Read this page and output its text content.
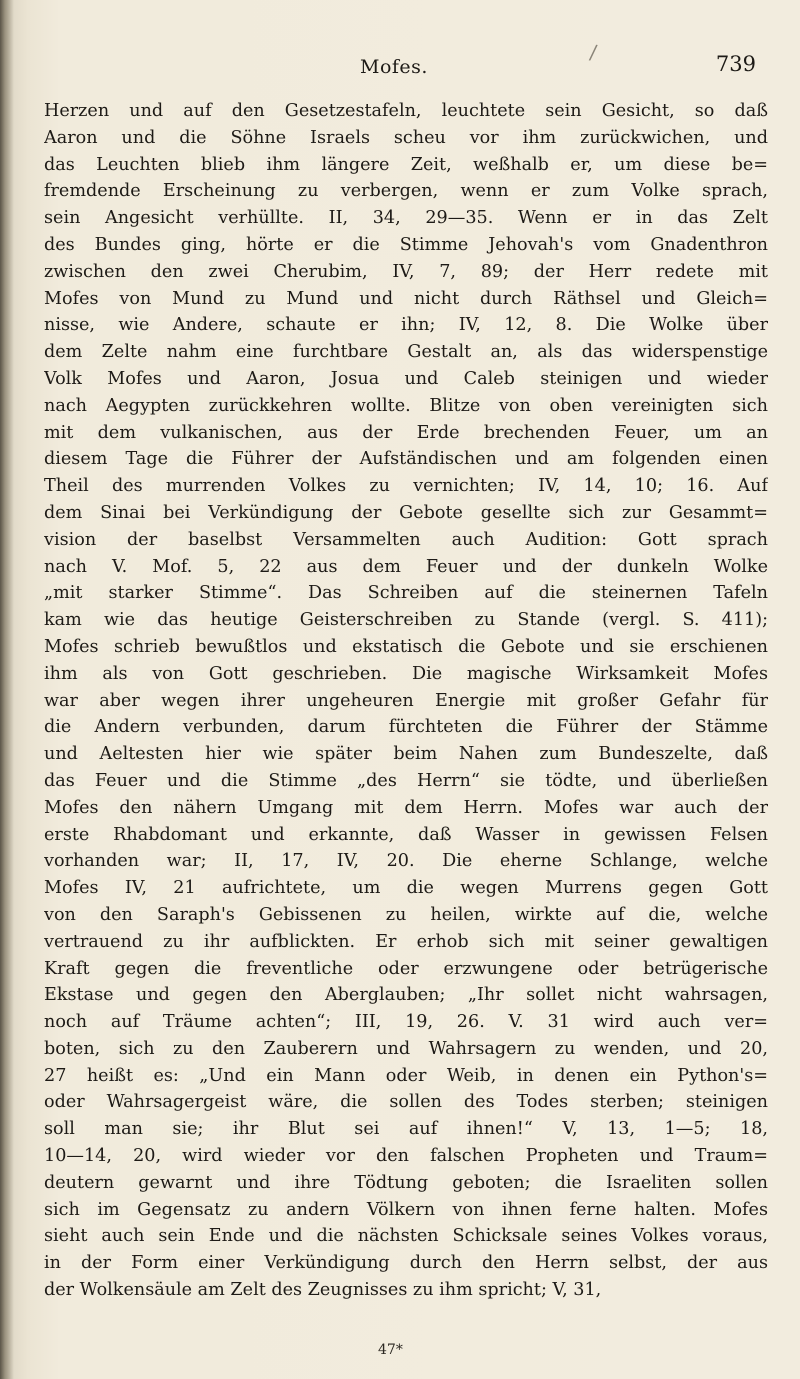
/
Mofes.	739
Herzen und auf den Gesetzestafeln, leuchtete sein Gesicht, so daß
Aaron und die Söhne Israels scheu vor ihm zurückwichen, und
das Leuchten blieb ihm längere Zeit, weßhalb er, um diese be=
fremdende Erscheinung zu verbergen, wenn er zum Volke sprach,
sein Angesicht verhüllte. II, 34, 29—35. Wenn er in das Zelt
des Bundes ging, hörte er die Stimme Jehovah's vom Gnadenthron
zwischen den zwei Cherubim, IV, 7, 89; der Herr redete mit
Mofes von Mund zu Mund und nicht durch Räthsel und Gleich=
nisse, wie Andere, schaute er ihn; IV, 12, 8. Die Wolke über
dem Zelte nahm eine furchtbare Gestalt an, als das widerspenstige
Volk Mofes und Aaron, Josua und Caleb steinigen und wieder
nach Aegypten zurückkehren wollte. Blitze von oben vereinigten sich
mit dem vulkanischen, aus der Erde brechenden Feuer, um an
diesem Tage die Führer der Aufständischen und am folgenden einen
Theil des murrenden Volkes zu vernichten; IV, 14, 10; 16. Auf
dem Sinai bei Verkündigung der Gebote gesellte sich zur Gesammt=
vision der baselbst Versammelten auch Audition: Gott sprach
nach V. Mof. 5, 22 aus dem Feuer und der dunkeln Wolke
„mit starker Stimme“. Das Schreiben auf die steinernen Tafeln
kam wie das heutige Geisterschreiben zu Stande (vergl. S. 411);
Mofes schrieb bewußtlos und ekstatisch die Gebote und sie erschienen
ihm als von Gott geschrieben. Die magische Wirksamkeit Mofes
war aber wegen ihrer ungeheuren Energie mit großer Gefahr für
die Andern verbunden, darum fürchteten die Führer der Stämme
und Aeltesten hier wie später beim Nahen zum Bundeszelte, daß
das Feuer und die Stimme „des Herrn“ sie tödte, und überließen
Mofes den nähern Umgang mit dem Herrn. Mofes war auch der
erste Rhabdomant und erkannte, daß Wasser in gewissen Felsen
vorhanden war; II, 17, IV, 20. Die eherne Schlange, welche
Mofes IV, 21 aufrichtete, um die wegen Murrens gegen Gott
von den Saraph's Gebissenen zu heilen, wirkte auf die, welche
vertrauend zu ihr aufblickten. Er erhob sich mit seiner gewaltigen
Kraft gegen die freventliche oder erzwungene oder betrügerische
Ekstase und gegen den Aberglauben; „Ihr sollet nicht wahrsagen,
noch auf Träume achten“; III, 19, 26. V. 31 wird auch ver=
boten, sich zu den Zauberern und Wahrsagern zu wenden, und 20,
27 heißt es: „Und ein Mann oder Weib, in denen ein Python's=
oder Wahrsagergeist wäre, die sollen des Todes sterben; steinigen
soll man sie; ihr Blut sei auf ihnen!“ V, 13, 1—5; 18,
10—14, 20, wird wieder vor den falschen Propheten und Traum=
deutern gewarnt und ihre Tödtung geboten; die Israeliten sollen
sich im Gegensatz zu andern Völkern von ihnen ferne halten. Mofes
sieht auch sein Ende und die nächsten Schicksale seines Volkes voraus,
in der Form einer Verkündigung durch den Herrn selbst, der aus
der Wolkensäule am Zelt des Zeugnisses zu ihm spricht; V, 31,
47*
